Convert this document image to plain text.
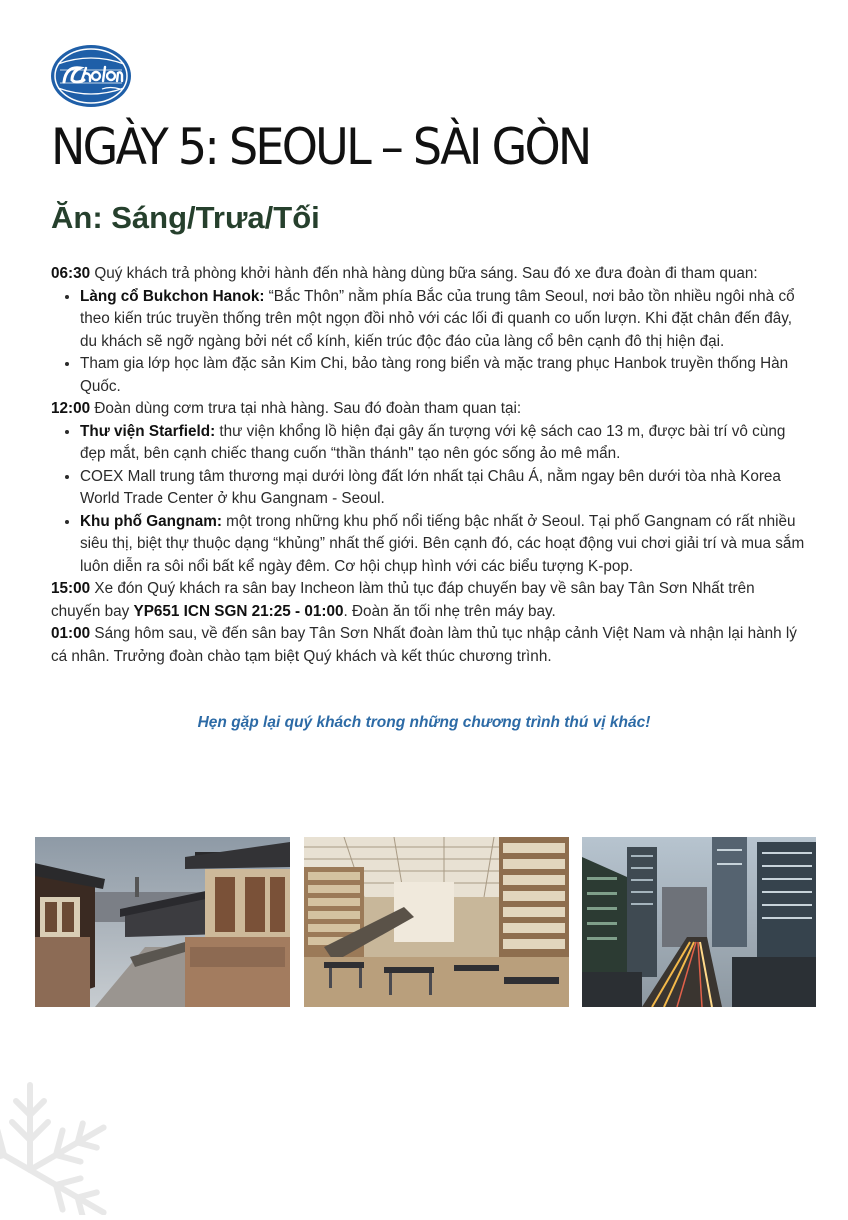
NGÀY 5: SEOUL – SÀI GÒN
Ăn: Sáng/Trưa/Tối

06:30 Quý khách trả phòng khởi hành đến nhà hàng dùng bữa sáng. Sau đó xe đưa đoàn đi tham quan:

• Làng cổ Bukchon Hanok: “Bắc Thôn” nằm phía Bắc của trung tâm Seoul, nơi bảo tồn nhiều ngôi nhà cổ theo kiến trúc truyền thống trên một ngọn đồi nhỏ với các lối đi quanh co uốn lượn. Khi đặt chân đến đây, du khách sẽ ngỡ ngàng bởi nét cổ kính, kiến trúc độc đáo của làng cổ bên cạnh đô thị hiện đại.
• Tham gia lớp học làm đặc sản Kim Chi, bảo tàng rong biển và mặc trang phục Hanbok truyền thống Hàn Quốc.

12:00 Đoàn dùng cơm trưa tại nhà hàng. Sau đó đoàn tham quan tại:

• Thư viện Starfield: thư viện khổng lồ hiện đại gây ấn tượng với kệ sách cao 13 m, được bài trí vô cùng đẹp mắt, bên cạnh chiếc thang cuốn “thần thánh" tạo nên góc sống ảo mê mẩn.
• COEX Mall trung tâm thương mại dưới lòng đất lớn nhất tại Châu Á, nằm ngay bên dưới tòa nhà Korea World Trade Center ở khu Gangnam - Seoul.
• Khu phố Gangnam: một trong những khu phố nổi tiếng bậc nhất ở Seoul. Tại phố Gangnam có rất nhiều siêu thị, biệt thự thuộc dạng “khủng” nhất thế giới. Bên cạnh đó, các hoạt động vui chơi giải trí và mua sắm luôn diễn ra sôi nổi bất kể ngày đêm. Cơ hội chụp hình với các biểu tượng K-pop.

15:00 Xe đón Quý khách ra sân bay Incheon làm thủ tục đáp chuyến bay về sân bay Tân Sơn Nhất trên chuyến bay YP651 ICN SGN 21:25 - 01:00. Đoàn ăn tối nhẹ trên máy bay.

01:00 Sáng hôm sau, về đến sân bay Tân Sơn Nhất đoàn làm thủ tục nhập cảnh Việt Nam và nhận lại hành lý cá nhân. Trưởng đoàn chào tạm biệt Quý khách và kết thúc chương trình.

Hẹn gặp lại quý khách trong những chương trình thú vị khác!
